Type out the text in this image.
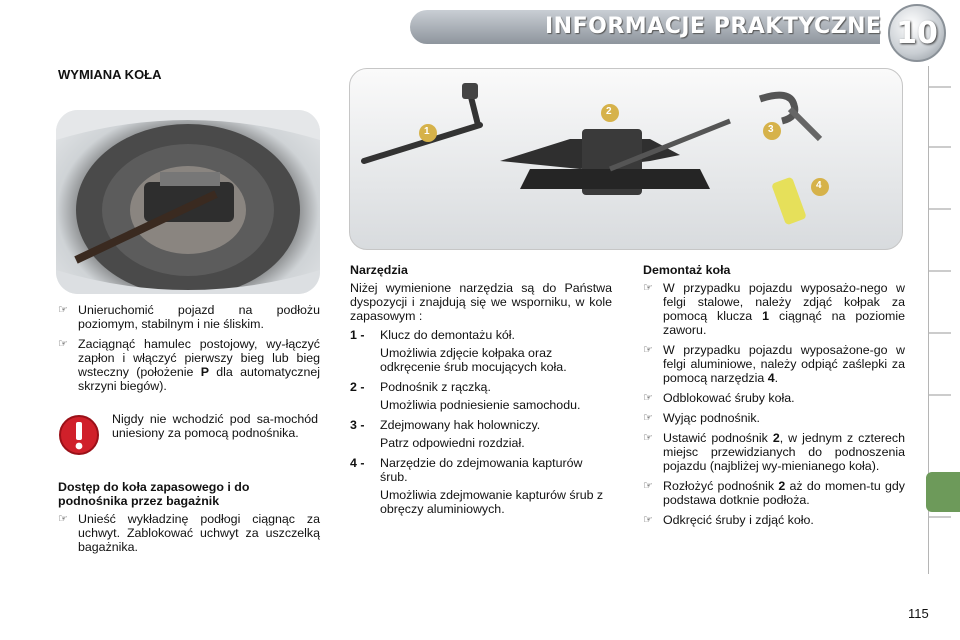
INFORMACJE PRAKTYCZNE 10
WYMIANA KOŁA
1
2
3
4
☞ Unieruchomić pojazd na podłożu poziomym, stabilnym i nie śliskim.
☞ Zaciągnąć hamulec postojowy, wy-łączyć zapłon i włączyć pierwszy bieg lub bieg wsteczny (położenie P dla automatycznej skrzyni biegów).
Nigdy nie wchodzić pod sa-mochód uniesiony za pomocą podnośnika.
Dostęp do koła zapasowego i do
podnośnika przez bagażnik
☞ Unieść wykładzinę podłogi ciągnąc za uchwyt. Zablokować uchwyt za uszczelką bagażnika.
Narzędzia
Niżej wymienione narzędzia są do Państwa dyspozycji i znajdują się we wsporniku, w kole zapasowym :
1 - Klucz do demontażu kół.
Umożliwia zdjęcie kołpaka oraz odkręcenie śrub mocujących koła.
2 - Podnośnik z rączką.
Umożliwia podniesienie samochodu.
3 - Zdejmowany hak holowniczy.
Patrz odpowiedni rozdział.
4 - Narzędzie do zdejmowania kapturów śrub.
Umożliwia zdejmowanie kapturów śrub z obręczy aluminiowych.
Demontaż koła
☞ W przypadku pojazdu wyposażo-nego w felgi stalowe, należy zdjąć kołpak za pomocą klucza 1 ciągnąć na poziomie zaworu.
☞ W przypadku pojazdu wyposażone-go w felgi aluminiowe, należy odpiąć zaślepki za pomocą narzędzia 4.
☞ Odblokować śruby koła.
☞ Wyjąc podnośnik.
☞ Ustawić podnośnik 2, w jednym z czterech miejsc przewidzianych do podnoszenia pojazdu (najbliżej wy-mienianego koła).
☞ Rozłożyć podnośnik 2 aż do momen-tu gdy podstawa dotknie podłoża.
☞ Odkręcić śruby i zdjąć koło.
115
